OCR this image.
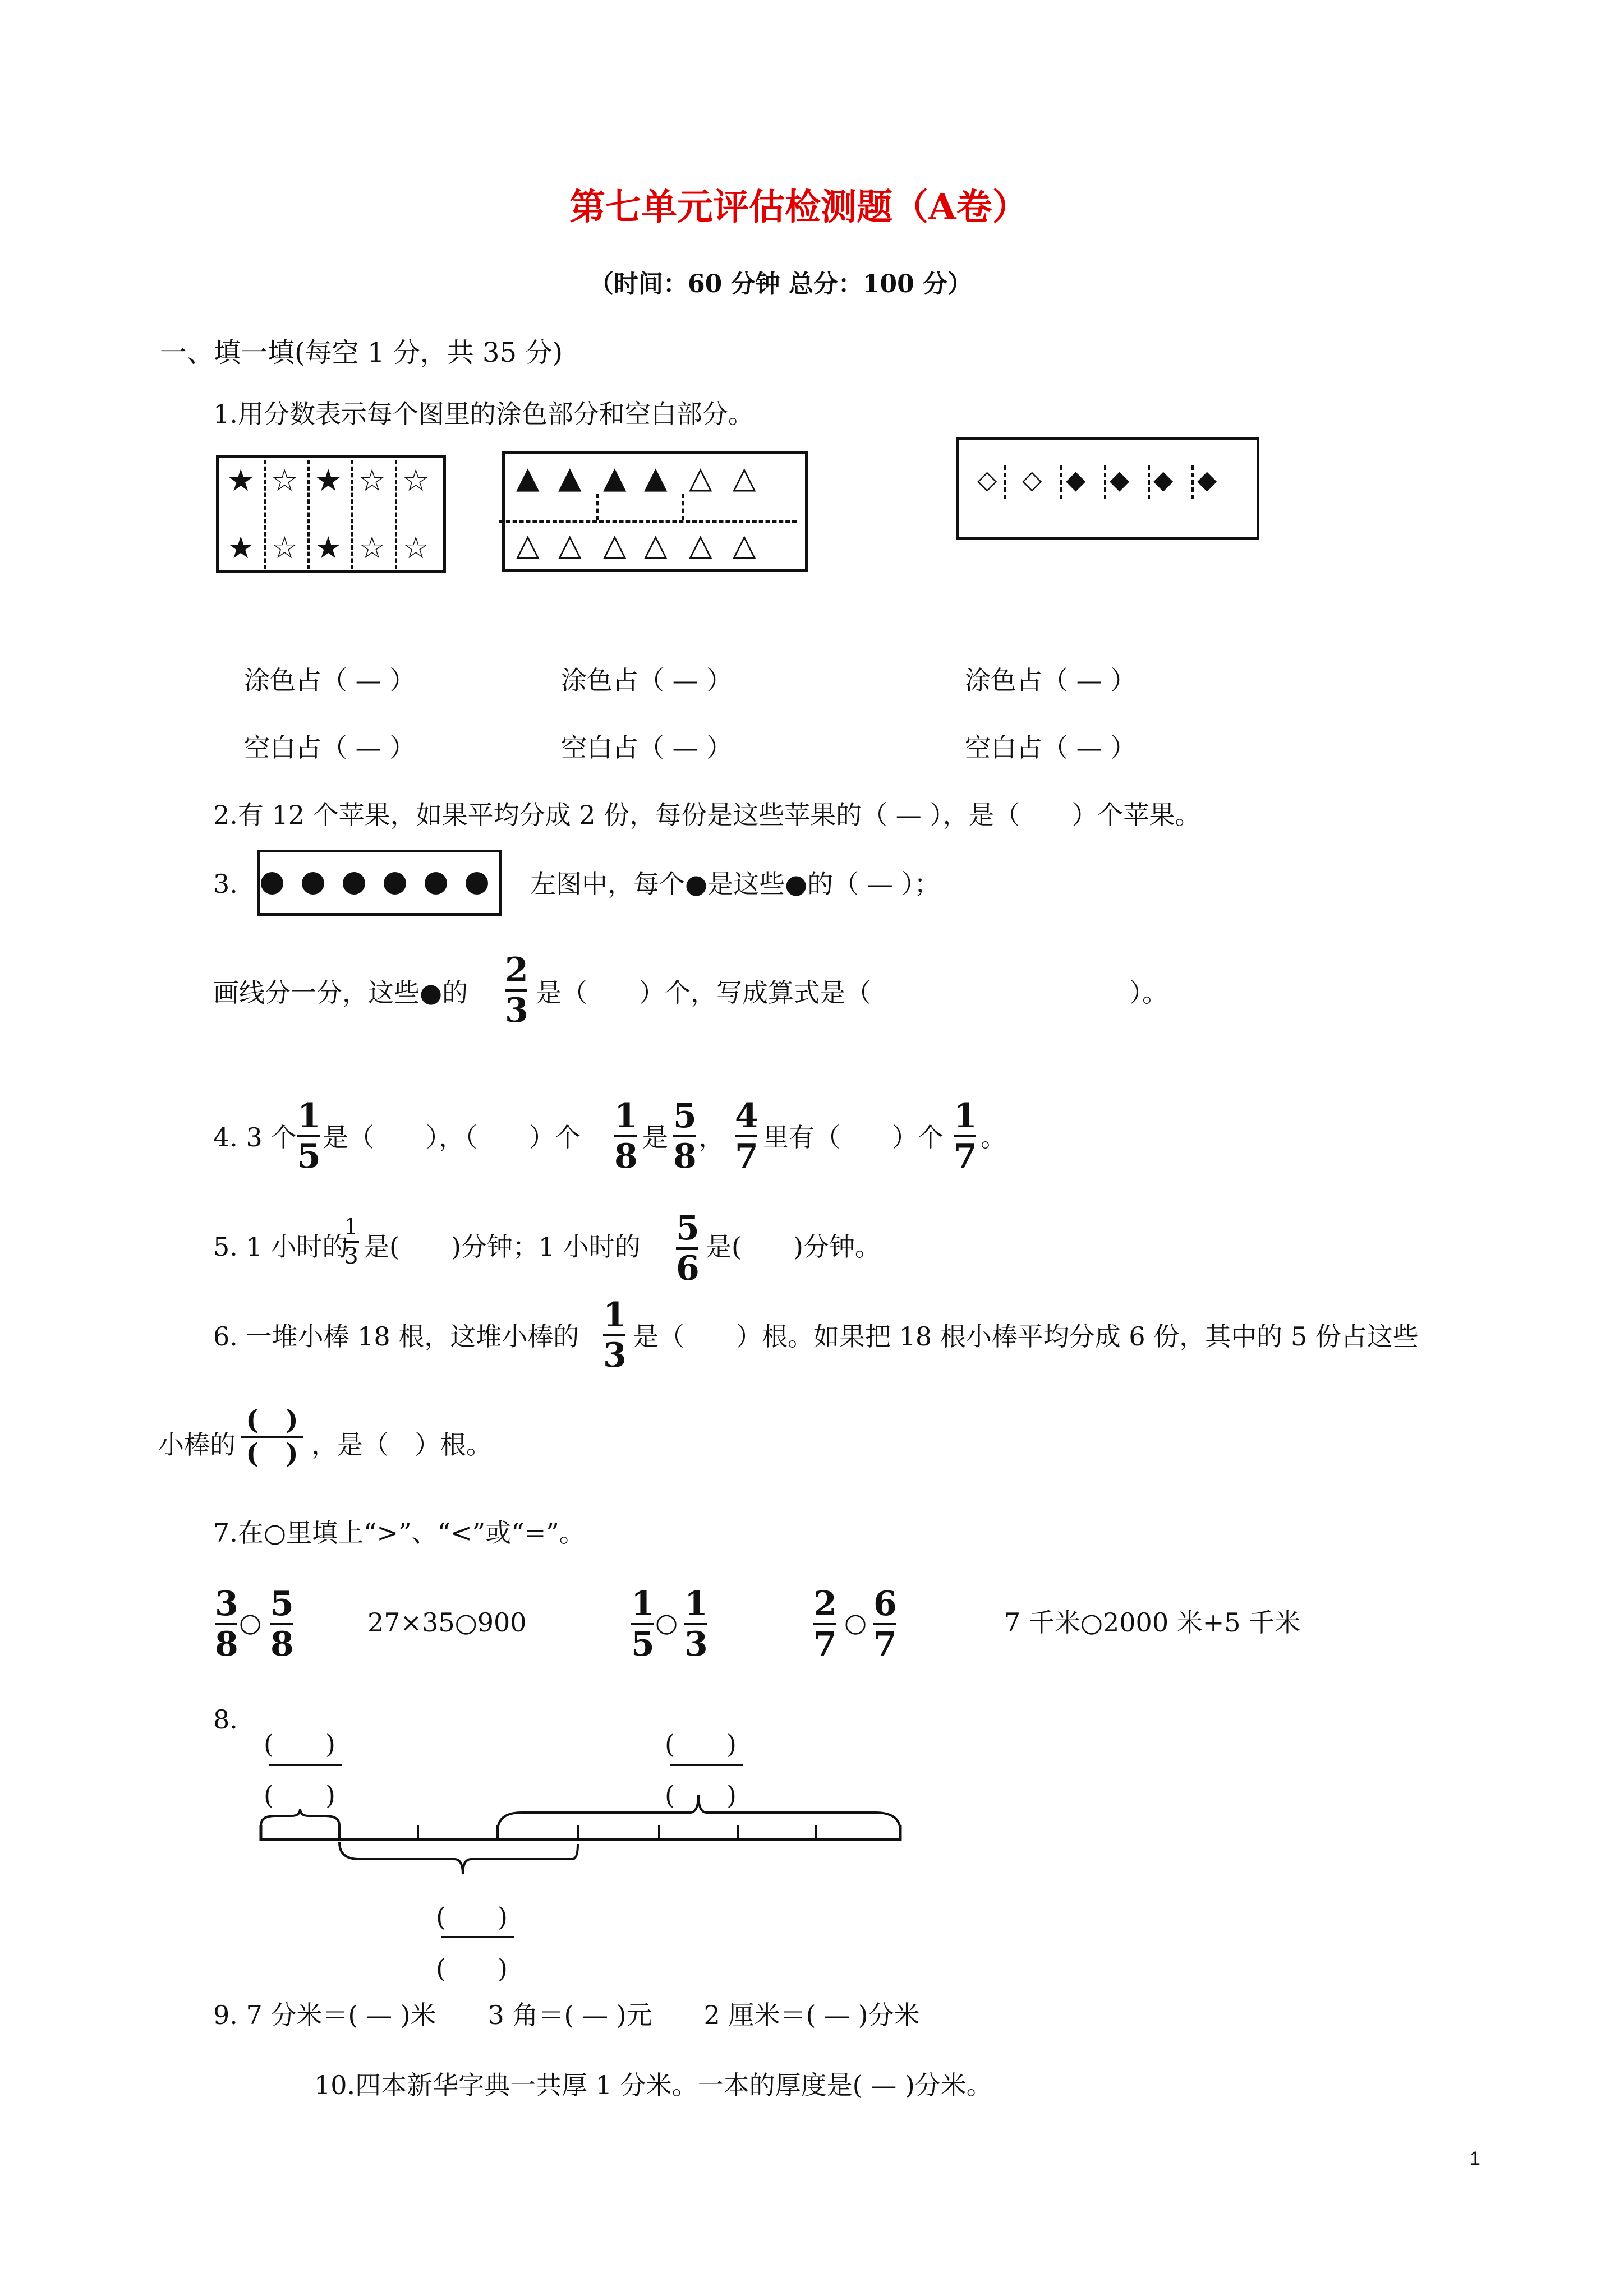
第七单元评估检测题（A卷）
（时间：60 分钟 总分：100 分）
一、填一填(每空 1 分，共 35 分)
1.用分数表示每个图里的涂色部分和空白部分。
★ ☆ ★ ☆ ☆
★ ☆ ★ ☆ ☆
▲ ▲ ▲ ▲ △ △
△ △ △ △ △ △
◇ ◇ ◆ ◆ ◆ ◆
涂色占（ — ）	涂色占（ — ）	涂色占（ — ）
空白占（ — ）	空白占（ — ）	空白占（ — ）
2.有 12 个苹果，如果平均分成 2 份，每份是这些苹果的（ — ），是（　　）个苹果。
3.	左图中，每个●是这些●的（ — ）；
画线分一分，这些●的
2
3 是（　　）个，写成算式是（　　　　　　　　　　）。
4. 3 个
1
5 是（　　），（　　）个
1
8 是
5
8 ，
4
7 里有（　　）个
1
7 。
5. 1 小时的
1
3 是(　　)分钟；1 小时的 5
6
是(　　)分钟。
6. 一堆小棒 18 根，这堆小棒的
1
3 是（　　）根。如果把 18 根小棒平均分成 6 份，其中的 5 份占这些
小棒的
(　)
(　) ，是（　）根。
7.在○里填上“>”、“<”或“=”。
3
8
○ 5
8
27×35○900	1
5
○ 1
3
2
7
○ 6
7
7 千米○2000 米+5 千米
8.
(　　)
(　　)
(　　)
(　　)
(　　)
(　　)
9. 7 分米＝( — )米　　3 角＝( — )元　　2 厘米＝( — )分米
10.四本新华字典一共厚 1 分米。一本的厚度是( — )分米。
1
